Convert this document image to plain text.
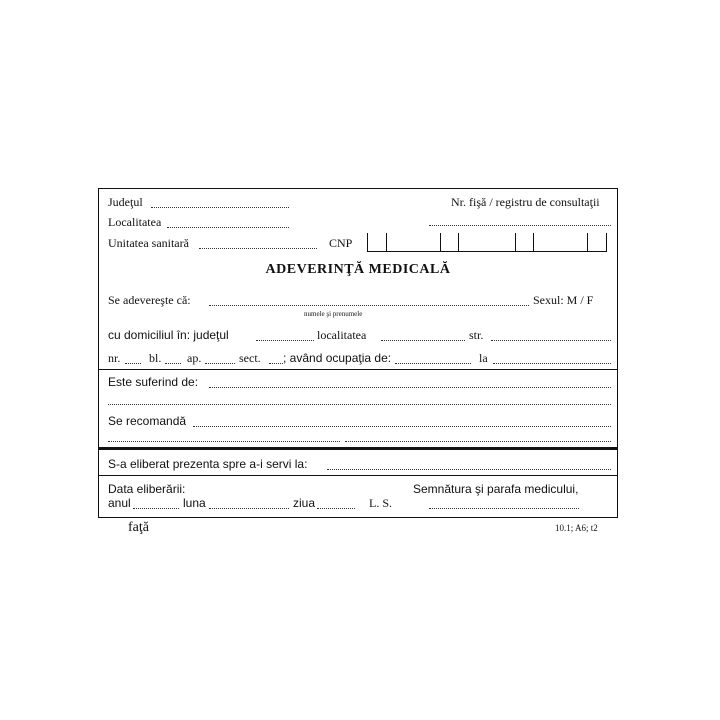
Judeţul	Nr. fişă / registru de consultaţii
Localitatea
Unitatea sanitară	CNP
ADEVERINŢĂ MEDICALĂ
Se adevereşte că:	Sexul: M / F
numele şi prenumele
cu domiciliul în: judeţul	localitatea	str.
nr. bl. ap.	sect. ; având ocupaţia de:	la
Este suferind de:
Se recomandă
S-a eliberat prezenta spre a-i servi la:
Data eliberării:	Semnătura şi parafa medicului,
anul	luna	ziua	L. S.
faţă	10.1; A6; t2
